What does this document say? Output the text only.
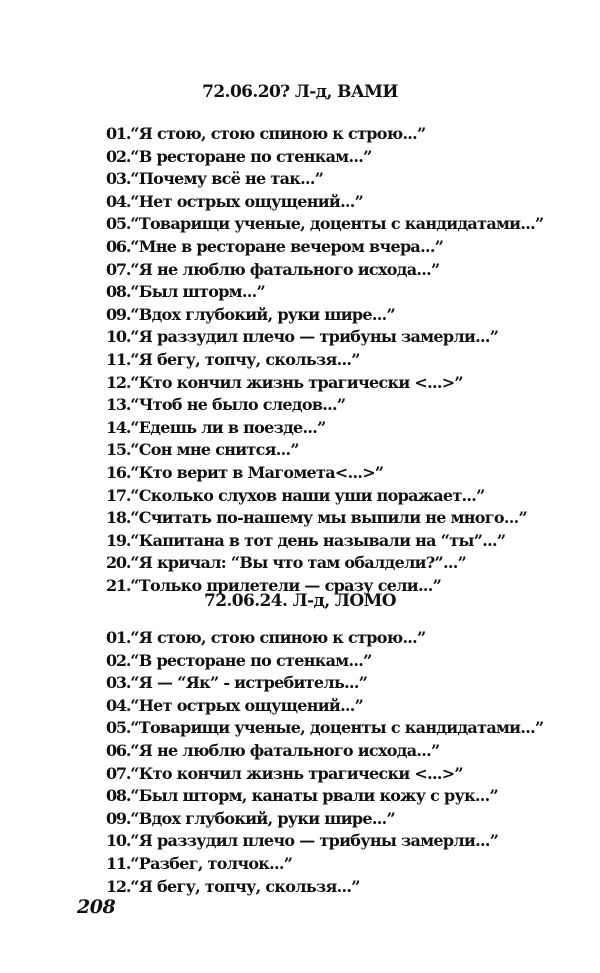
72.06.20? Л-д, ВАМИ
01.“Я стою, стою спиною к строю...”
02.“В ресторане по стенкам...”
03.“Почему всё не так...”
04.“Нет острых ощущений...”
05.“Товарищи ученые, доценты с кандидатами...”
06.“Мне в ресторане вечером вчера...”
07.“Я не люблю фатального исхода...”
08.“Был шторм...”
09.“Вдох глубокий, руки шире...”
10.“Я раззудил плечо — трибуны замерли...”
11.“Я бегу, топчу, скользя...”
12.“Кто кончил жизнь трагически <...>”
13.“Чтоб не было следов...”
14.“Едешь ли в поезде...”
15.“Сон мне снится...”
16.“Кто верит в Магомета<...>”
17.“Сколько слухов наши уши поражает...”
18.“Считать по-нашему мы выпили не много...”
19.“Капитана в тот день называли на “ты”...”
20.“Я кричал: “Вы что там обалдели?”...”
21.“Только прилетели — сразу сели...”
72.06.24. Л-д, ЛОМО
01.“Я стою, стою спиною к строю...”
02.“В ресторане по стенкам...”
03.“Я — “Як” - истребитель...”
04.“Нет острых ощущений...”
05.“Товарищи ученые, доценты с кандидатами...”
06.“Я не люблю фатального исхода...”
07.“Кто кончил жизнь трагически <...>”
08.“Был шторм, канаты рвали кожу с рук...”
09.“Вдох глубокий, руки шире...”
10.“Я раззудил плечо — трибуны замерли...”
11.“Разбег, толчок...”
12.“Я бегу, топчу, скользя...”
208
